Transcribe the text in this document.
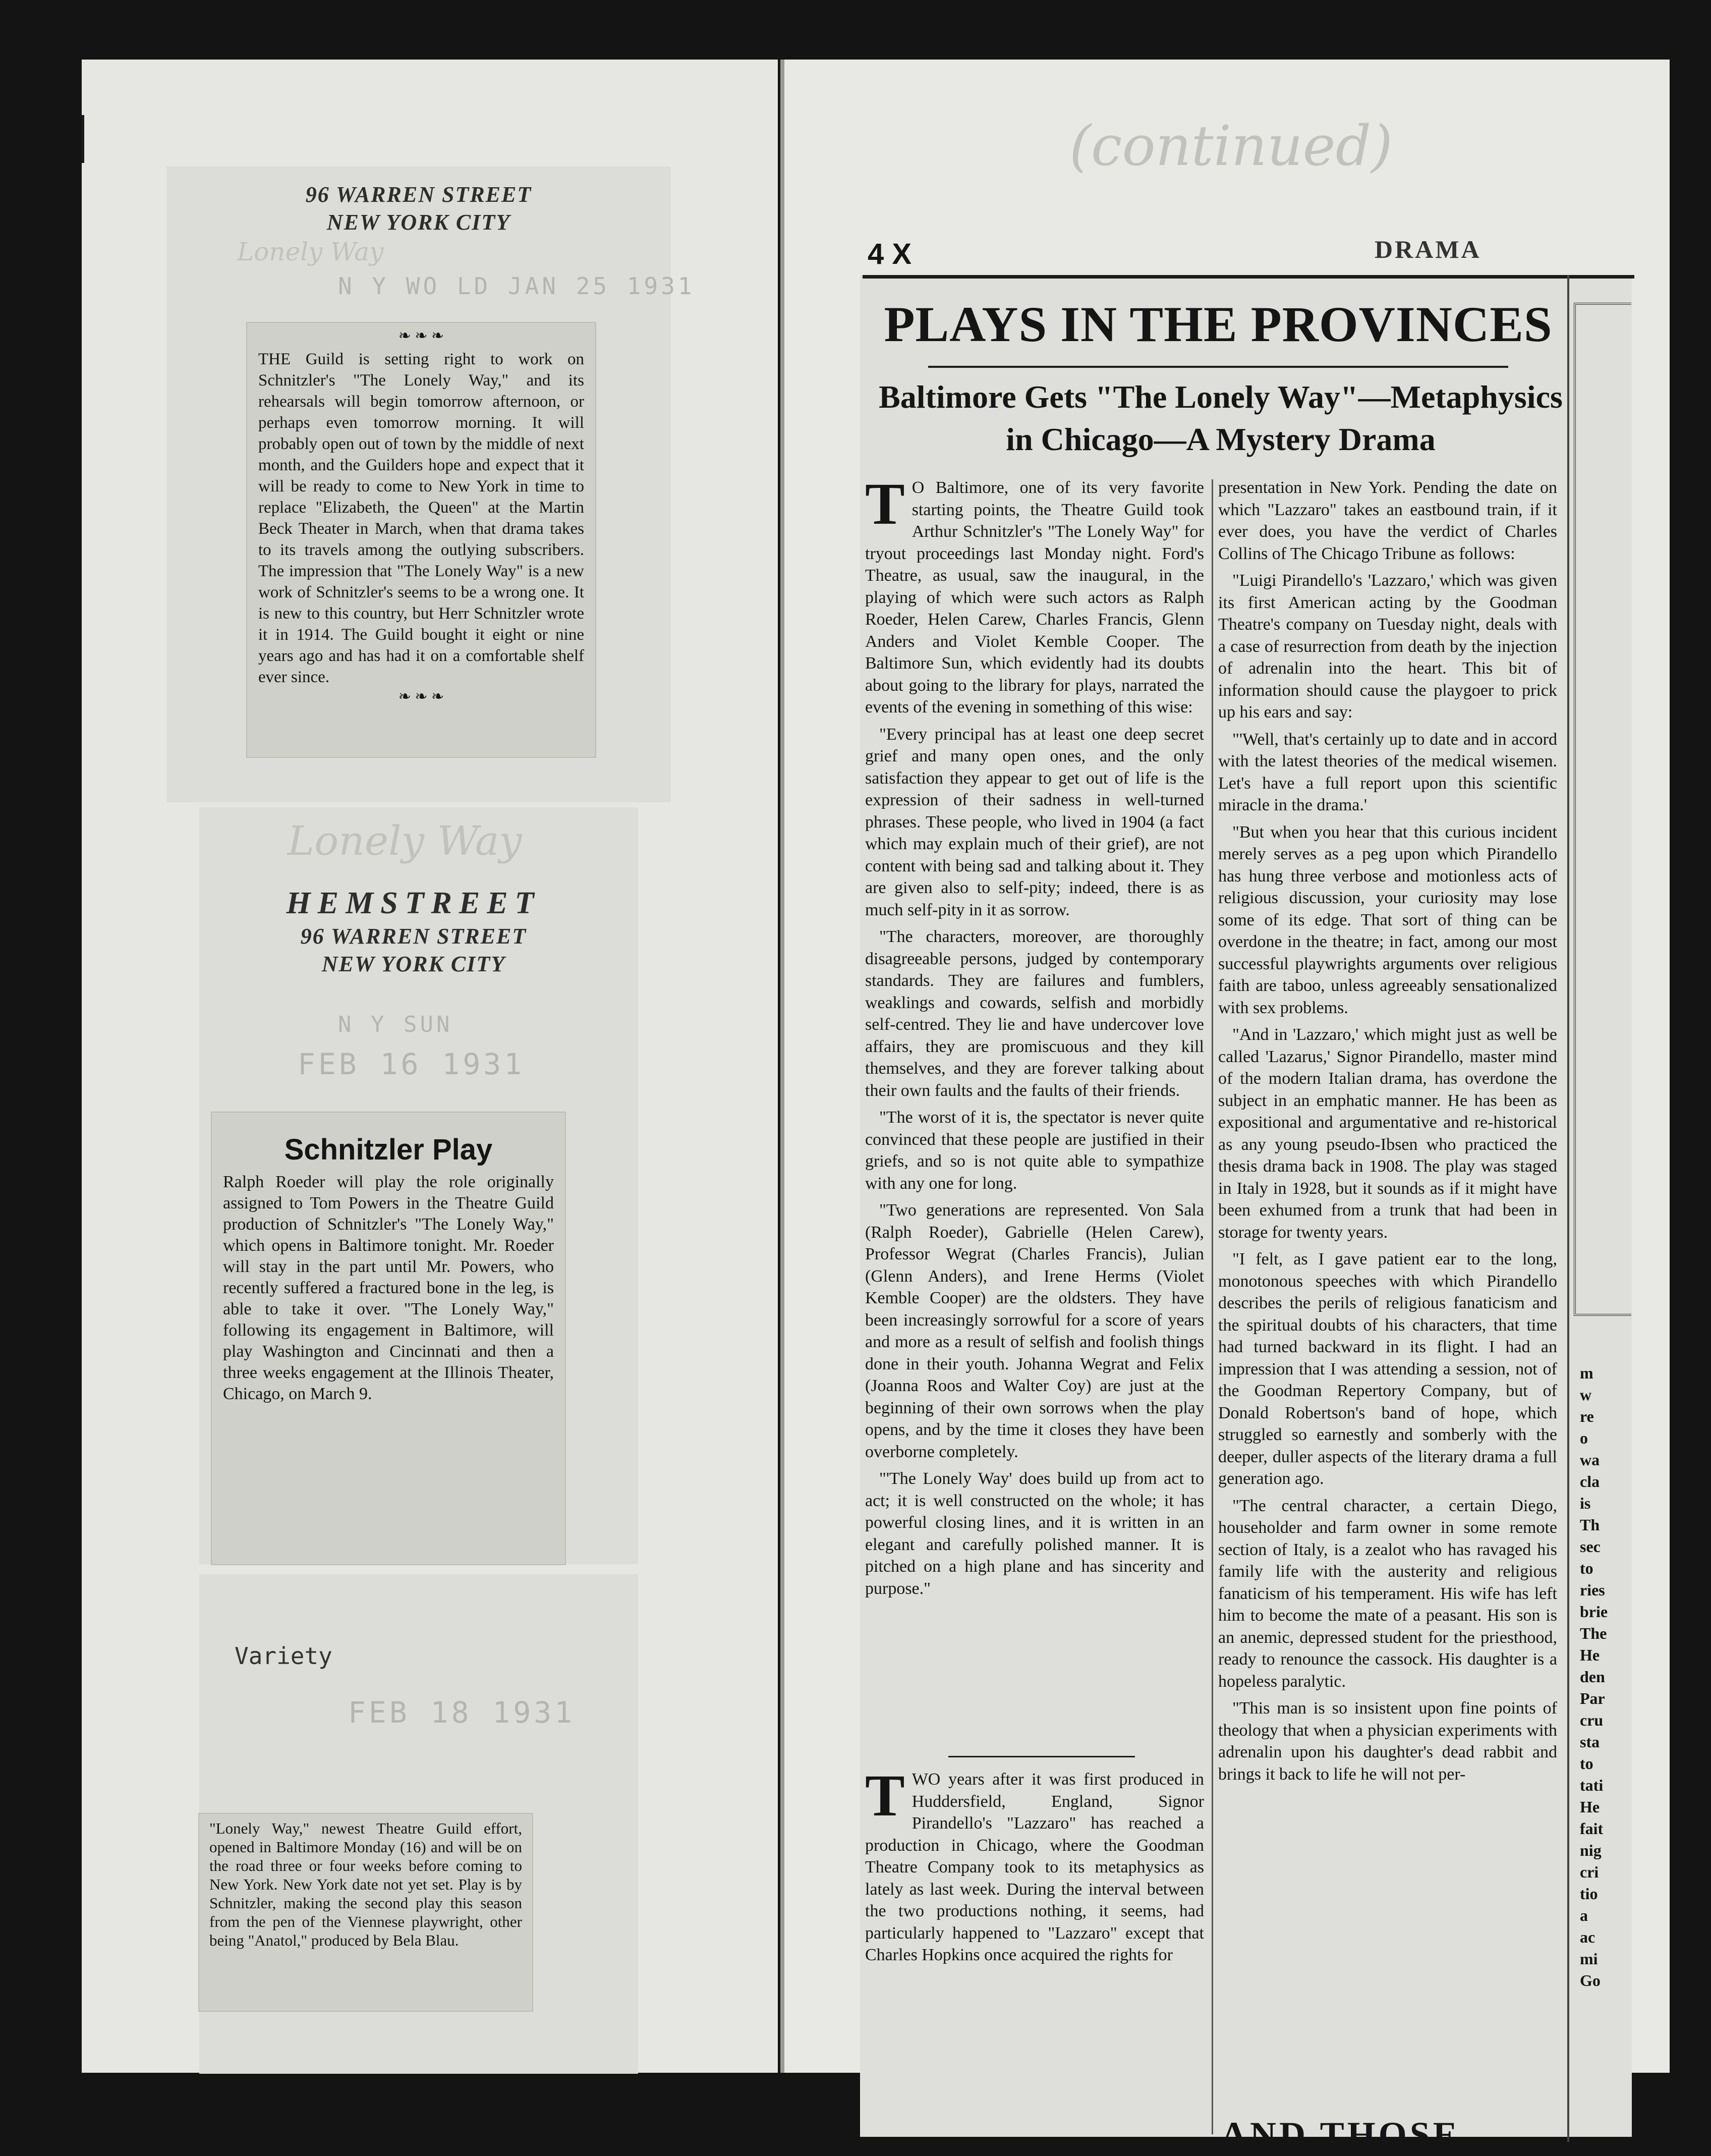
96 WARREN STREET
NEW YORK CITY
Lonely Way
N Y WO LD JAN 25 1931
❧ ❧ ❧
THE Guild is setting right to work on Schnitzler's "The Lonely Way," and its rehearsals will begin tomorrow afternoon, or perhaps even tomorrow morning. It will probably open out of town by the middle of next month, and the Guilders hope and expect that it will be ready to come to New York in time to replace "Elizabeth, the Queen" at the Martin Beck Theater in March, when that drama takes to its travels among the outlying subscribers. The impression that "The Lonely Way" is a new work of Schnitzler's seems to be a wrong one. It is new to this country, but Herr Schnitzler wrote it in 1914. The Guild bought it eight or nine years ago and has had it on a comfortable shelf ever since.
❧ ❧ ❧
Lonely Way
HEMSTREET
96 WARREN STREET
NEW YORK CITY
N Y SUN
FEB 16 1931
Schnitzler Play
Ralph Roeder will play the role originally assigned to Tom Powers in the Theatre Guild production of Schnitzler's "The Lonely Way," which opens in Baltimore tonight. Mr. Roeder will stay in the part until Mr. Powers, who recently suffered a fractured bone in the leg, is able to take it over. "The Lonely Way," following its engagement in Baltimore, will play Washington and Cincinnati and then a three weeks engagement at the Illinois Theater, Chicago, on March 9.
Variety
FEB 18 1931
"Lonely Way," newest Theatre Guild effort, opened in Baltimore Monday (16) and will be on the road three or four weeks before coming to New York. New York date not yet set. Play is by Schnitzler, making the second play this season from the pen of the Viennese playwright, other being "Anatol," produced by Bela Blau.
(continued)
4 X	DRAMA
PLAYS IN THE PROVINCES
Baltimore Gets "The Lonely Way"—Metaphysics in Chicago—A Mystery Drama

T O Baltimore, one of its very favorite starting points, the Theatre Guild took Arthur Schnitzler's "The Lonely Way" for tryout proceedings last Monday night. Ford's Theatre, as usual, saw the inaugural, in the playing of which were such actors as Ralph Roeder, Helen Carew, Charles Francis, Glenn Anders and Violet Kemble Cooper. The Baltimore Sun, which evidently had its doubts about going to the library for plays, narrated the events of the evening in something of this wise:

"Every principal has at least one deep secret grief and many open ones, and the only satisfaction they appear to get out of life is the expression of their sadness in well-turned phrases. These people, who lived in 1904 (a fact which may explain much of their grief), are not content with being sad and talking about it. They are given also to self-pity; indeed, there is as much self-pity in it as sorrow.

"The characters, moreover, are thoroughly disagreeable persons, judged by contemporary standards. They are failures and fumblers, weaklings and cowards, selfish and morbidly self-centred. They lie and have undercover love affairs, they are promiscuous and they kill themselves, and they are forever talking about their own faults and the faults of their friends.

"The worst of it is, the spectator is never quite convinced that these people are justified in their griefs, and so is not quite able to sympathize with any one for long.

"Two generations are represented. Von Sala (Ralph Roeder), Gabrielle (Helen Carew), Professor Wegrat (Charles Francis), Julian (Glenn Anders), and Irene Herms (Violet Kemble Cooper) are the oldsters. They have been increasingly sorrowful for a score of years and more as a result of selfish and foolish things done in their youth. Johanna Wegrat and Felix (Joanna Roos and Walter Coy) are just at the beginning of their own sorrows when the play opens, and by the time it closes they have been overborne completely.

"'The Lonely Way' does build up from act to act; it is well constructed on the whole; it has powerful closing lines, and it is written in an elegant and carefully polished manner. It is pitched on a high plane and has sincerity and purpose."

TWO years after it was first produced in Huddersfield, England, Signor Pirandello's "Lazzaro" has reached a production in Chicago, where the Goodman Theatre Company took to its metaphysics as lately as last week. During the interval between the two productions nothing, it seems, had particularly happened to "Lazzaro" except that Charles Hopkins once acquired the rights for

presentation in New York. Pending the date on which "Lazzaro" takes an eastbound train, if it ever does, you have the verdict of Charles Collins of The Chicago Tribune as follows:

"Luigi Pirandello's 'Lazzaro,' which was given its first American acting by the Goodman Theatre's company on Tuesday night, deals with a case of resurrection from death by the injection of adrenalin into the heart. This bit of information should cause the playgoer to prick up his ears and say:

"'Well, that's certainly up to date and in accord with the latest theories of the medical wisemen. Let's have a full report upon this scientific miracle in the drama.'

"But when you hear that this curious incident merely serves as a peg upon which Pirandello has hung three verbose and motionless acts of religious discussion, your curiosity may lose some of its edge. That sort of thing can be overdone in the theatre; in fact, among our most successful playwrights arguments over religious faith are taboo, unless agreeably sensationalized with sex problems.

"And in 'Lazzaro,' which might just as well be called 'Lazarus,' Signor Pirandello, master mind of the modern Italian drama, has overdone the subject in an emphatic manner. He has been as expositional and argumentative and re-historical as any young pseudo-Ibsen who practiced the thesis drama back in 1908. The play was staged in Italy in 1928, but it sounds as if it might have been exhumed from a trunk that had been in storage for twenty years.

"I felt, as I gave patient ear to the long, monotonous speeches with which Pirandello describes the perils of religious fanaticism and the spiritual doubts of his characters, that time had turned backward in its flight. I had an impression that I was attending a session, not of the Goodman Repertory Company, but of Donald Robertson's band of hope, which struggled so earnestly and somberly with the deeper, duller aspects of the literary drama a full generation ago.

"The central character, a certain Diego, householder and farm owner in some remote section of Italy, is a zealot who has ravaged his family life with the austerity and religious fanaticism of his temperament. His wife has left him to become the mate of a peasant. His son is an anemic, depressed student for the priesthood, ready to renounce the cassock. His daughter is a hopeless paralytic.

"This man is so insistent upon fine points of theology that when a physician experiments with adrenalin upon his daughter's dead rabbit and brings it back to life he will not per-

m
w
re
o
wa
cla
is
Th
sec
to
ries
brie
The
He
den
Par
cru
sta
to
tati
He
fait
nig
cri
tio
a
ac
mi
Go
AND THOSE
